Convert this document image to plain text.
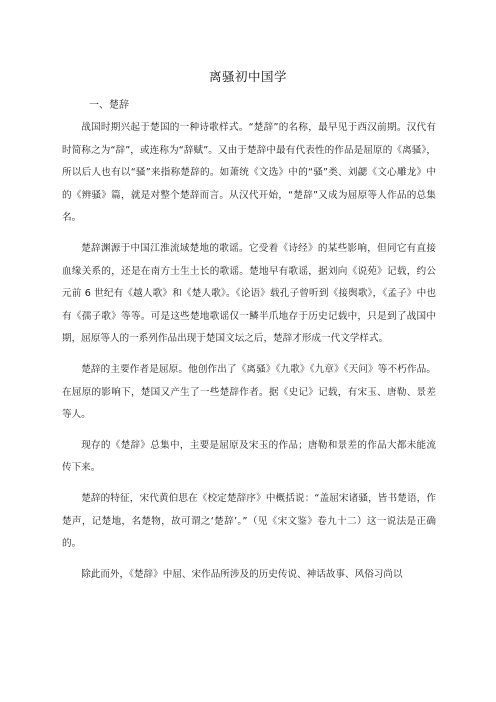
离骚初中国学
一、楚辞

战国时期兴起于楚国的一种诗歌样式。“楚辞”的名称，最早见于西汉前期。汉代有时简称之为“辞”，或连称为“辞赋”。又由于楚辞中最有代表性的作品是屈原的《离骚》，所以后人也有以“骚”来指称楚辞的。如萧统《文选》中的“骚”类、刘勰《文心雕龙》中的《辨骚》篇，就是对整个楚辞而言。从汉代开始，“楚辞”又成为屈原等人作品的总集名。

楚辞渊源于中国江淮流域楚地的歌谣。它受着《诗经》的某些影响，但同它有直接血缘关系的，还是在南方土生土长的歌谣。楚地早有歌谣，据刘向《说苑》记载，约公元前 6 世纪有《越人歌》和《楚人歌》。《论语》载孔子曾听到《接舆歌》，《孟子》中也有《孺子歌》等等。可是这些楚地歌谣仅一鳞半爪地存于历史记载中，只是到了战国中期，屈原等人的一系列作品出现于楚国文坛之后，楚辞才形成一代文学样式。

楚辞的主要作者是屈原。他创作出了《离骚》《九歌》《九章》《天问》等不朽作品。在屈原的影响下，楚国又产生了一些楚辞作者。据《史记》记载，有宋玉、唐勒、景差等人。

现存的《楚辞》总集中，主要是屈原及宋玉的作品；唐勒和景差的作品大都未能流传下来。

楚辞的特征，宋代黄伯思在《校定楚辞序》中概括说：“盖屈宋诸骚，皆书楚语，作楚声，记楚地，名楚物，故可谓之‘楚辞’。”（见《宋文鉴》卷九十二）这一说法是正确的。

除此而外，《楚辞》中屈、宋作品所涉及的历史传说、神话故事、风俗习尚以
